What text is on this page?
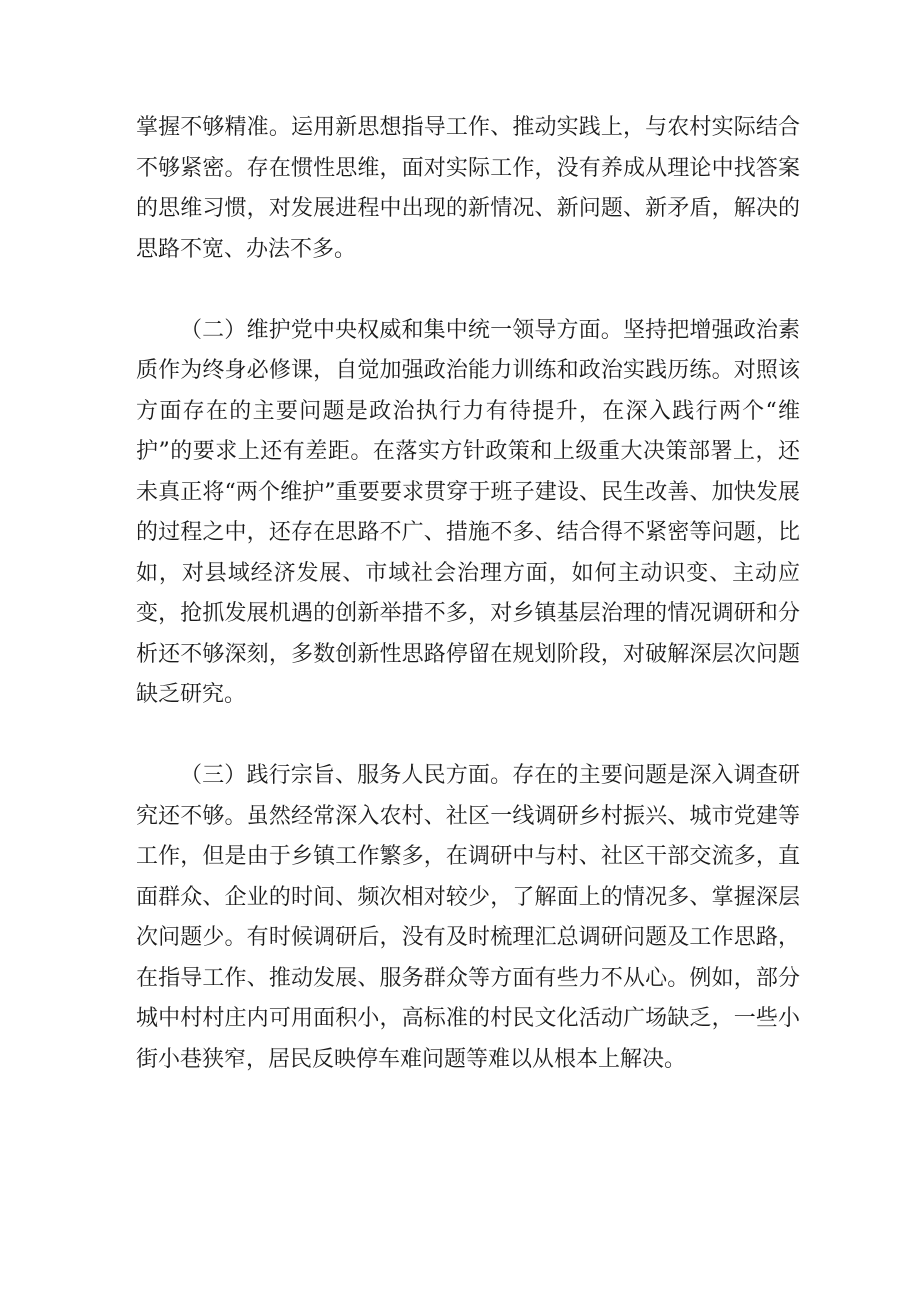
掌握不够精准。运用新思想指导工作、推动实践上，与农村实际结合不够紧密。存在惯性思维，面对实际工作，没有养成从理论中找答案的思维习惯，对发展进程中出现的新情况、新问题、新矛盾，解决的思路不宽、办法不多。

（二）维护党中央权威和集中统一领导方面。坚持把增强政治素质作为终身必修课，自觉加强政治能力训练和政治实践历练。对照该方面存在的主要问题是政治执行力有待提升，在深入践行两个“维护”的要求上还有差距。在落实方针政策和上级重大决策部署上，还未真正将“两个维护”重要要求贯穿于班子建设、民生改善、加快发展的过程之中，还存在思路不广、措施不多、结合得不紧密等问题，比如，对县域经济发展、市域社会治理方面，如何主动识变、主动应变，抢抓发展机遇的创新举措不多，对乡镇基层治理的情况调研和分析还不够深刻，多数创新性思路停留在规划阶段，对破解深层次问题缺乏研究。

（三）践行宗旨、服务人民方面。存在的主要问题是深入调查研究还不够。虽然经常深入农村、社区一线调研乡村振兴、城市党建等工作，但是由于乡镇工作繁多，在调研中与村、社区干部交流多，直面群众、企业的时间、频次相对较少，了解面上的情况多、掌握深层次问题少。有时候调研后，没有及时梳理汇总调研问题及工作思路，在指导工作、推动发展、服务群众等方面有些力不从心。例如，部分城中村村庄内可用面积小，高标准的村民文化活动广场缺乏，一些小街小巷狭窄，居民反映停车难问题等难以从根本上解决。
